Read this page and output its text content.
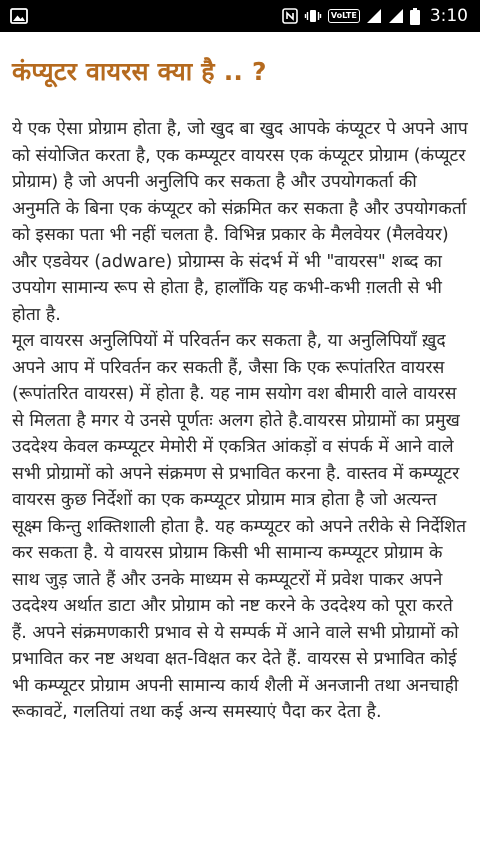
VoLTE	3:10
कंप्यूटर वायरस क्या है .. ?

ये एक ऐसा प्रोग्राम होता है, जो खुद बा खुद आपके कंप्यूटर पे अपने आप को संयोजित करता है, एक कम्प्यूटर वायरस एक कंप्यूटर प्रोग्राम (कंप्यूटर प्रोग्राम) है जो अपनी अनुलिपि कर सकता है और उपयोगकर्ता की अनुमति के बिना एक कंप्यूटर को संक्रमित कर सकता है और उपयोगकर्ता को इसका पता भी नहीं चलता है. विभिन्न प्रकार के मैलवेयर (मैलवेयर) और एडवेयर (adware) प्रोग्राम्स के संदर्भ में भी "वायरस" शब्द का उपयोग सामान्य रूप से होता है, हालाँकि यह कभी-कभी ग़लती से भी होता है.

मूल वायरस अनुलिपियों में परिवर्तन कर सकता है, या अनुलिपियाँ ख़ुद अपने आप में परिवर्तन कर सकती हैं, जैसा कि एक रूपांतरित वायरस (रूपांतरित वायरस) में होता है. यह नाम सयोग वश बीमारी वाले वायरस से मिलता है मगर ये उनसे पूर्णतः अलग होते है.वायरस प्रोग्रामों का प्रमुख उददेश्य केवल कम्प्यूटर मेमोरी में एकत्रित आंकड़ों व संपर्क में आने वाले सभी प्रोग्रामों को अपने संक्रमण से प्रभावित करना है. वास्तव में कम्प्यूटर वायरस कुछ निर्देशों का एक कम्प्यूटर प्रोग्राम मात्र होता है जो अत्यन्त सूक्ष्म किन्तु शक्तिशाली होता है. यह कम्प्यूटर को अपने तरीके से निर्देशित कर सकता है. ये वायरस प्रोग्राम किसी भी सामान्य कम्प्यूटर प्रोग्राम के साथ जुड़ जाते हैं और उनके माध्यम से कम्प्यूटरों में प्रवेश पाकर अपने उददेश्य अर्थात डाटा और प्रोग्राम को नष्ट करने के उददेश्य को पूरा करते हैं. अपने संक्रमणकारी प्रभाव से ये सम्पर्क में आने वाले सभी प्रोग्रामों को प्रभावित कर नष्ट अथवा क्षत-विक्षत कर देते हैं. वायरस से प्रभावित कोई भी कम्प्यूटर प्रोग्राम अपनी सामान्य कार्य शैली में अनजानी तथा अनचाही रूकावटें, गलतियां तथा कई अन्य समस्याएं पैदा कर देता है.
